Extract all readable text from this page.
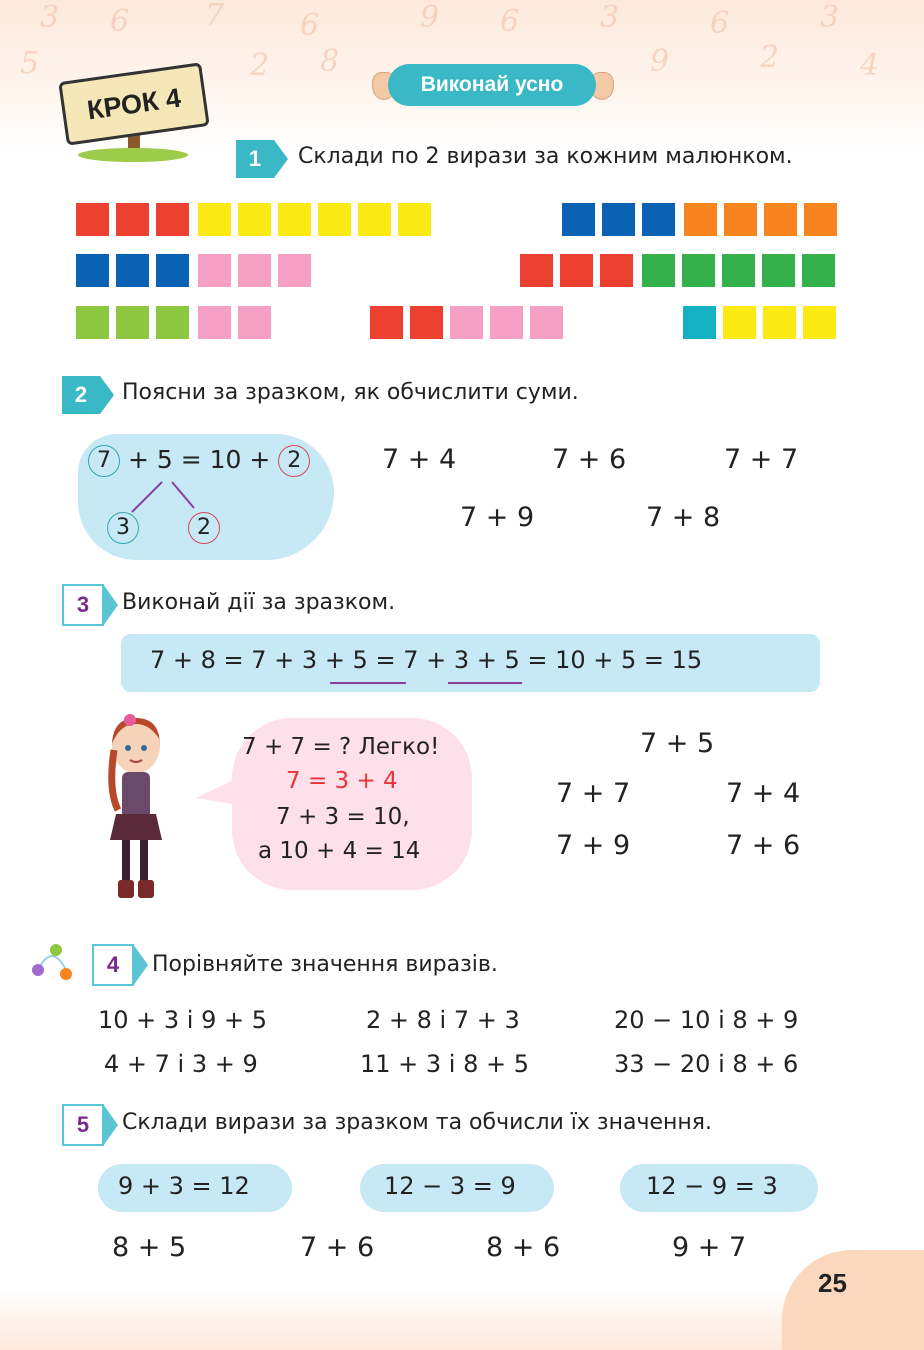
3 6	7	6	9 6	3	6	3
5	2 8	9	2	4
КРОК 4	Виконай усно
1 Склади по 2 вирази за кожним малюнком.
2 Поясни за зразком, як обчислити суми.
7 + 5 = 10 + 2
3	2
7 + 4	7 + 6	7 + 7
7 + 9	7 + 8
3 Виконай дії за зразком.
7 + 8 = 7 + 3 + 5 = 7 + 3 + 5 = 10 + 5 = 15
7 + 7 = ? Легко!
7 = 3 + 4
7 + 3 = 10,
а 10 + 4 = 14
7 + 5
7 + 7	7 + 4
7 + 9	7 + 6
4 Порівняйте значення виразів.
10 + 3 і 9 + 5	2 + 8 і 7 + 3	20 − 10 і 8 + 9
4 + 7 і 3 + 9	11 + 3 і 8 + 5	33 − 20 і 8 + 6
5 Склади вирази за зразком та обчисли їх значення.
9 + 3 = 12	12 − 3 = 9	12 − 9 = 3
8 + 5	7 + 6	8 + 6	9 + 7
25
